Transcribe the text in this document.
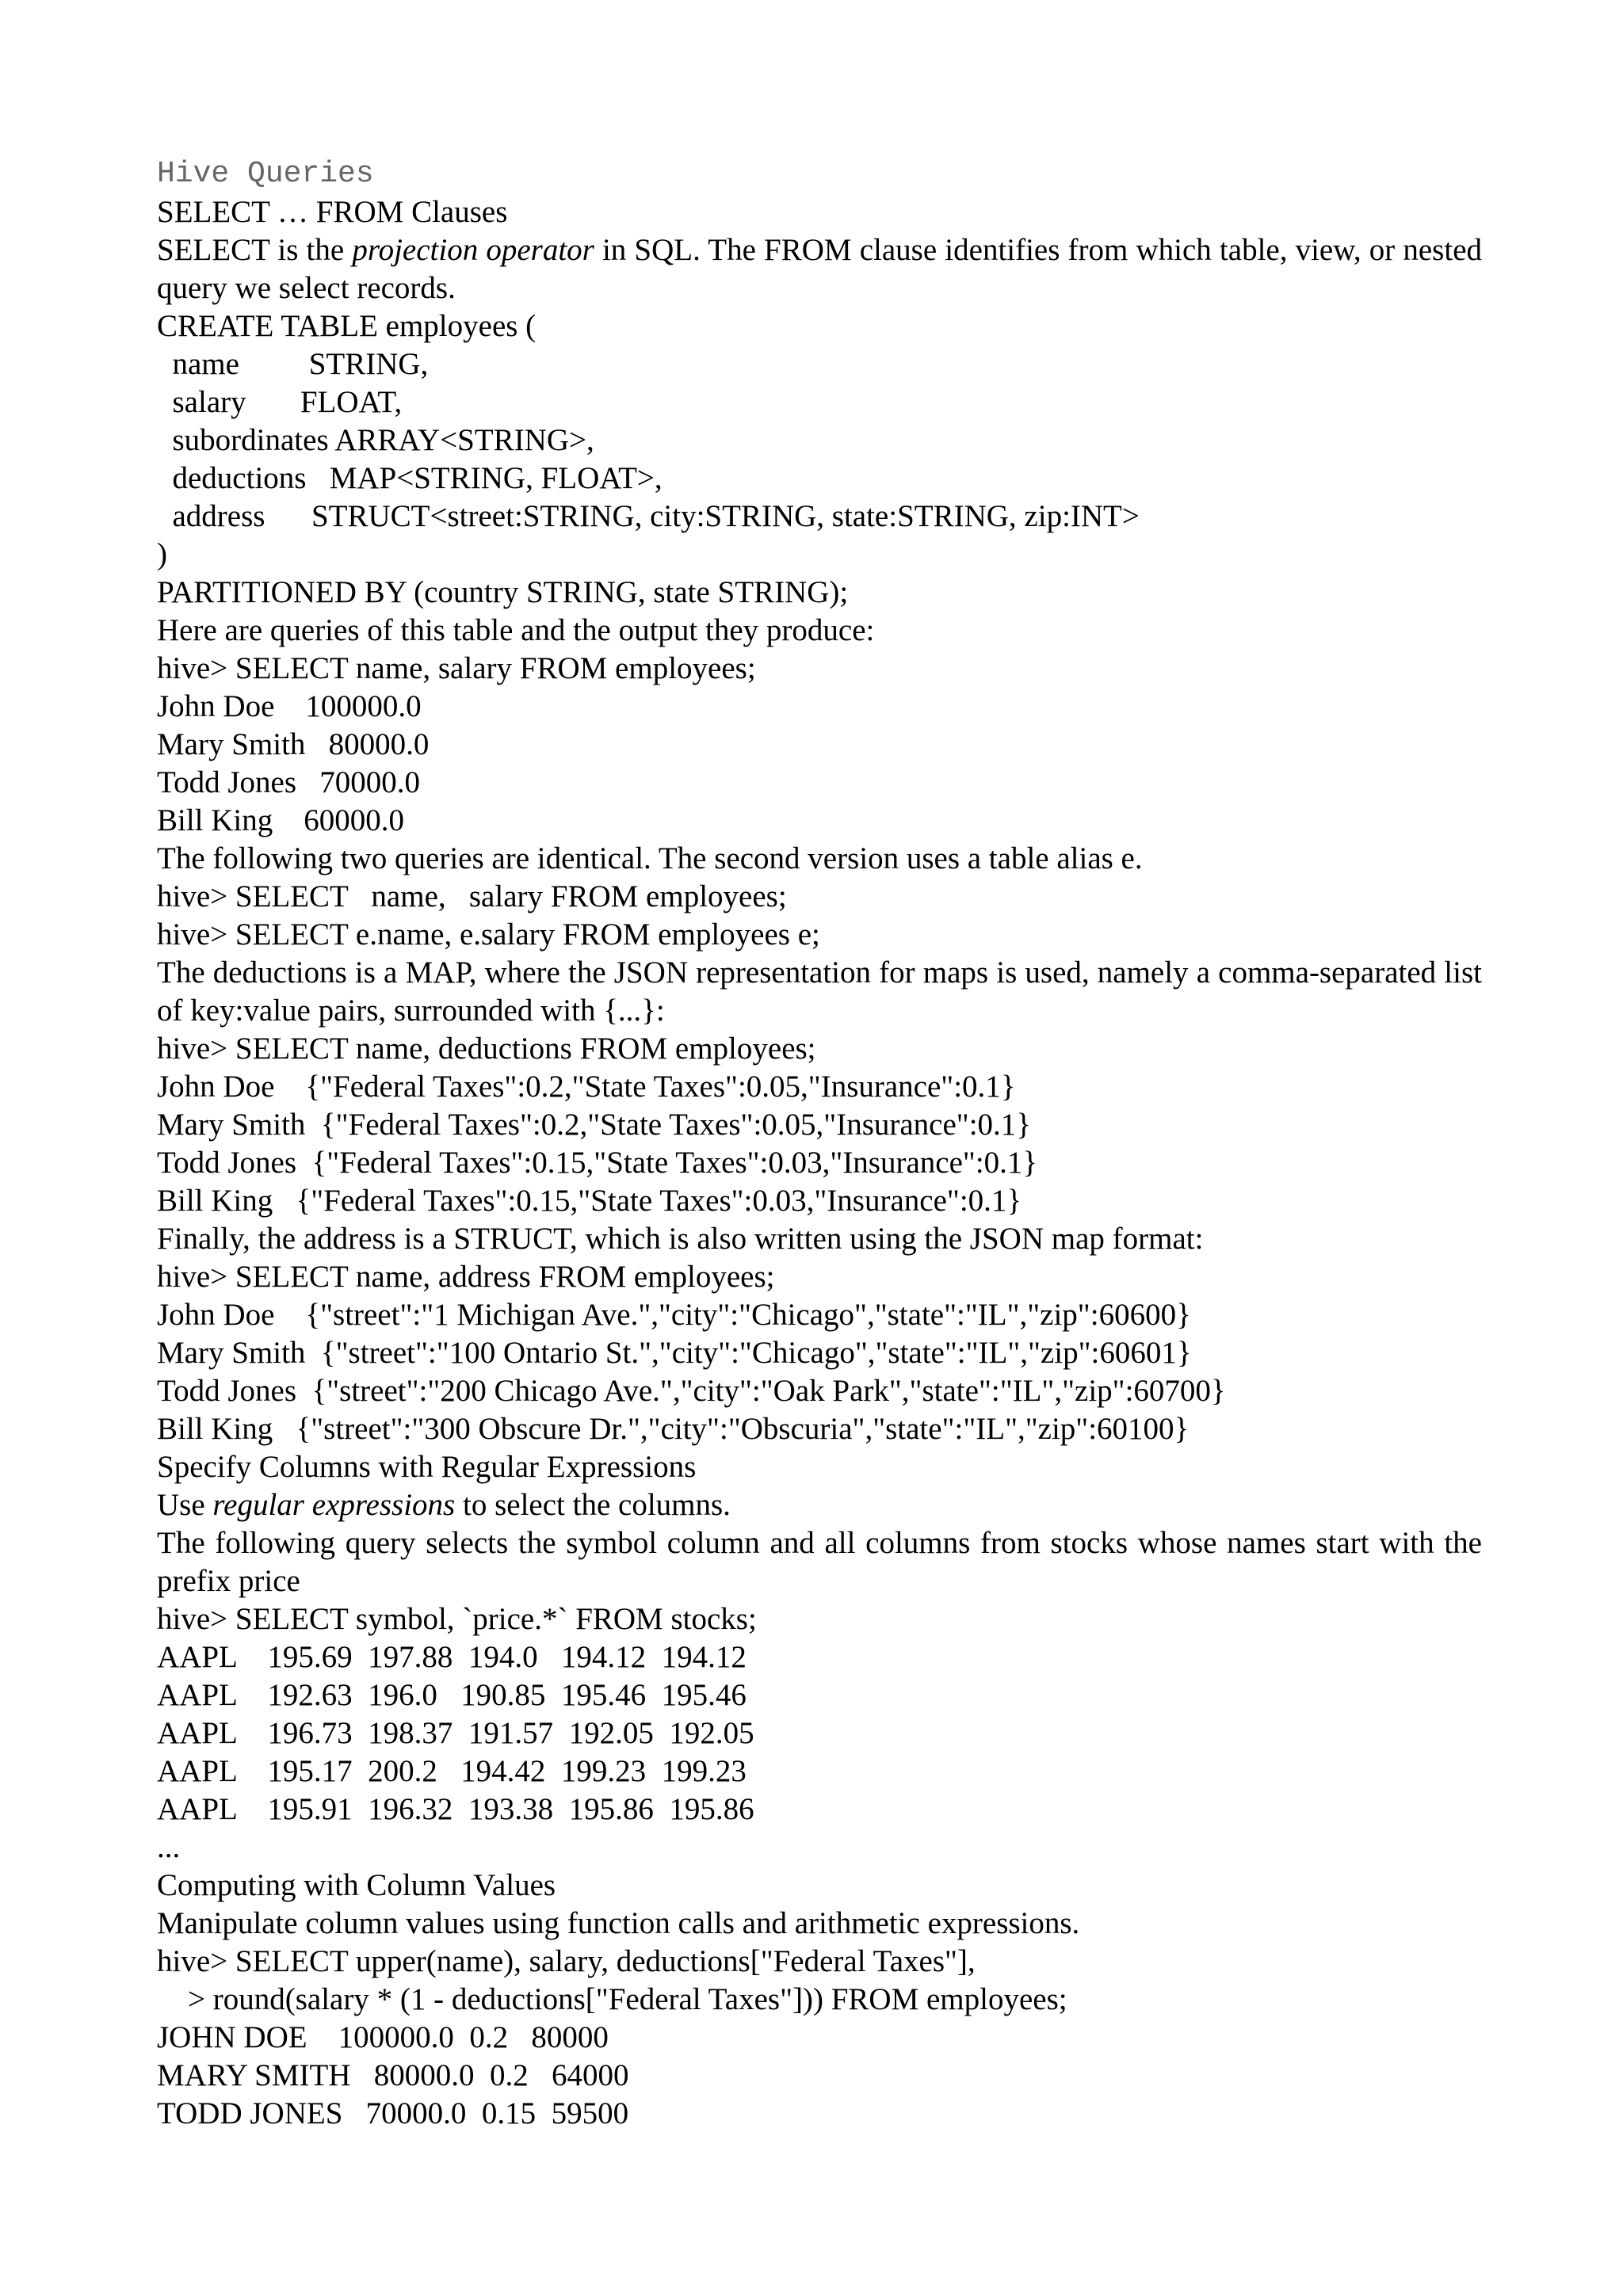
Hive Queries
SELECT … FROM Clauses
SELECT is the projection operator in SQL. The FROM clause identifies from which table, view, or nested query we select records.
CREATE TABLE employees (
name         STRING,
salary       FLOAT,
subordinates ARRAY<STRING>,
deductions   MAP<STRING, FLOAT>,
address      STRUCT<street:STRING, city:STRING, state:STRING, zip:INT>
)
PARTITIONED BY (country STRING, state STRING);
Here are queries of this table and the output they produce:
hive> SELECT name, salary FROM employees;
John Doe    100000.0
Mary Smith   80000.0
Todd Jones   70000.0
Bill King    60000.0
The following two queries are identical. The second version uses a table alias e.
hive> SELECT   name,   salary FROM employees;
hive> SELECT e.name, e.salary FROM employees e;
The deductions is a MAP, where the JSON representation for maps is used, namely a comma-separated list of key:value pairs, surrounded with {...}:
hive> SELECT name, deductions FROM employees;
John Doe    {"Federal Taxes":0.2,"State Taxes":0.05,"Insurance":0.1}
Mary Smith  {"Federal Taxes":0.2,"State Taxes":0.05,"Insurance":0.1}
Todd Jones  {"Federal Taxes":0.15,"State Taxes":0.03,"Insurance":0.1}
Bill King   {"Federal Taxes":0.15,"State Taxes":0.03,"Insurance":0.1}
Finally, the address is a STRUCT, which is also written using the JSON map format:
hive> SELECT name, address FROM employees;
John Doe    {"street":"1 Michigan Ave.","city":"Chicago","state":"IL","zip":60600}
Mary Smith  {"street":"100 Ontario St.","city":"Chicago","state":"IL","zip":60601}
Todd Jones  {"street":"200 Chicago Ave.","city":"Oak Park","state":"IL","zip":60700}
Bill King   {"street":"300 Obscure Dr.","city":"Obscuria","state":"IL","zip":60100}
Specify Columns with Regular Expressions
Use regular expressions to select the columns.
The following query selects the symbol column and all columns from stocks whose names start with the prefix price
hive> SELECT symbol, `price.*` FROM stocks;
AAPL    195.69  197.88  194.0   194.12  194.12
AAPL    192.63  196.0   190.85  195.46  195.46
AAPL    196.73  198.37  191.57  192.05  192.05
AAPL    195.17  200.2   194.42  199.23  199.23
AAPL    195.91  196.32  193.38  195.86  195.86
...
Computing with Column Values
Manipulate column values using function calls and arithmetic expressions.
hive> SELECT upper(name), salary, deductions["Federal Taxes"],
> round(salary * (1 - deductions["Federal Taxes"])) FROM employees;
JOHN DOE    100000.0  0.2   80000
MARY SMITH   80000.0  0.2   64000
TODD JONES   70000.0  0.15  59500
